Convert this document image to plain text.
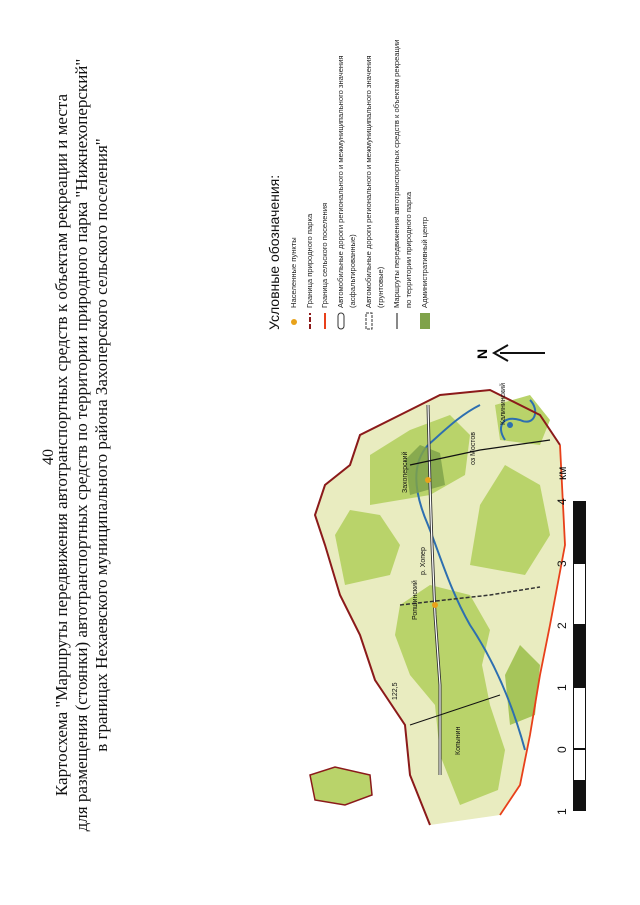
40
Картосхема "Маршруты передвижения автотранспортных средств к объектам рекреации и места для размещения (стоянки) автотранспортных средств по территории природного парка "Нижнехоперский" в границах Нехаевского муниципального района Захоперского сельского поселения"	Ропшинский
Захоперский
Копынин
122,5
оз Мостов
р. Хопер
Калининский
N
1
0
1
2
3
4
км
Условные обозначения: Населенные пункты Граница природного парка Граница сельского поселения Автомобильные дороги регионального и межмуниципального значения (асфальтированные) Автомобильные дороги регионального и межмуниципального значения (грунтовые) Маршруты передвижения автотранспортных средств к объектам рекреации по территории природного парка Административный центр
